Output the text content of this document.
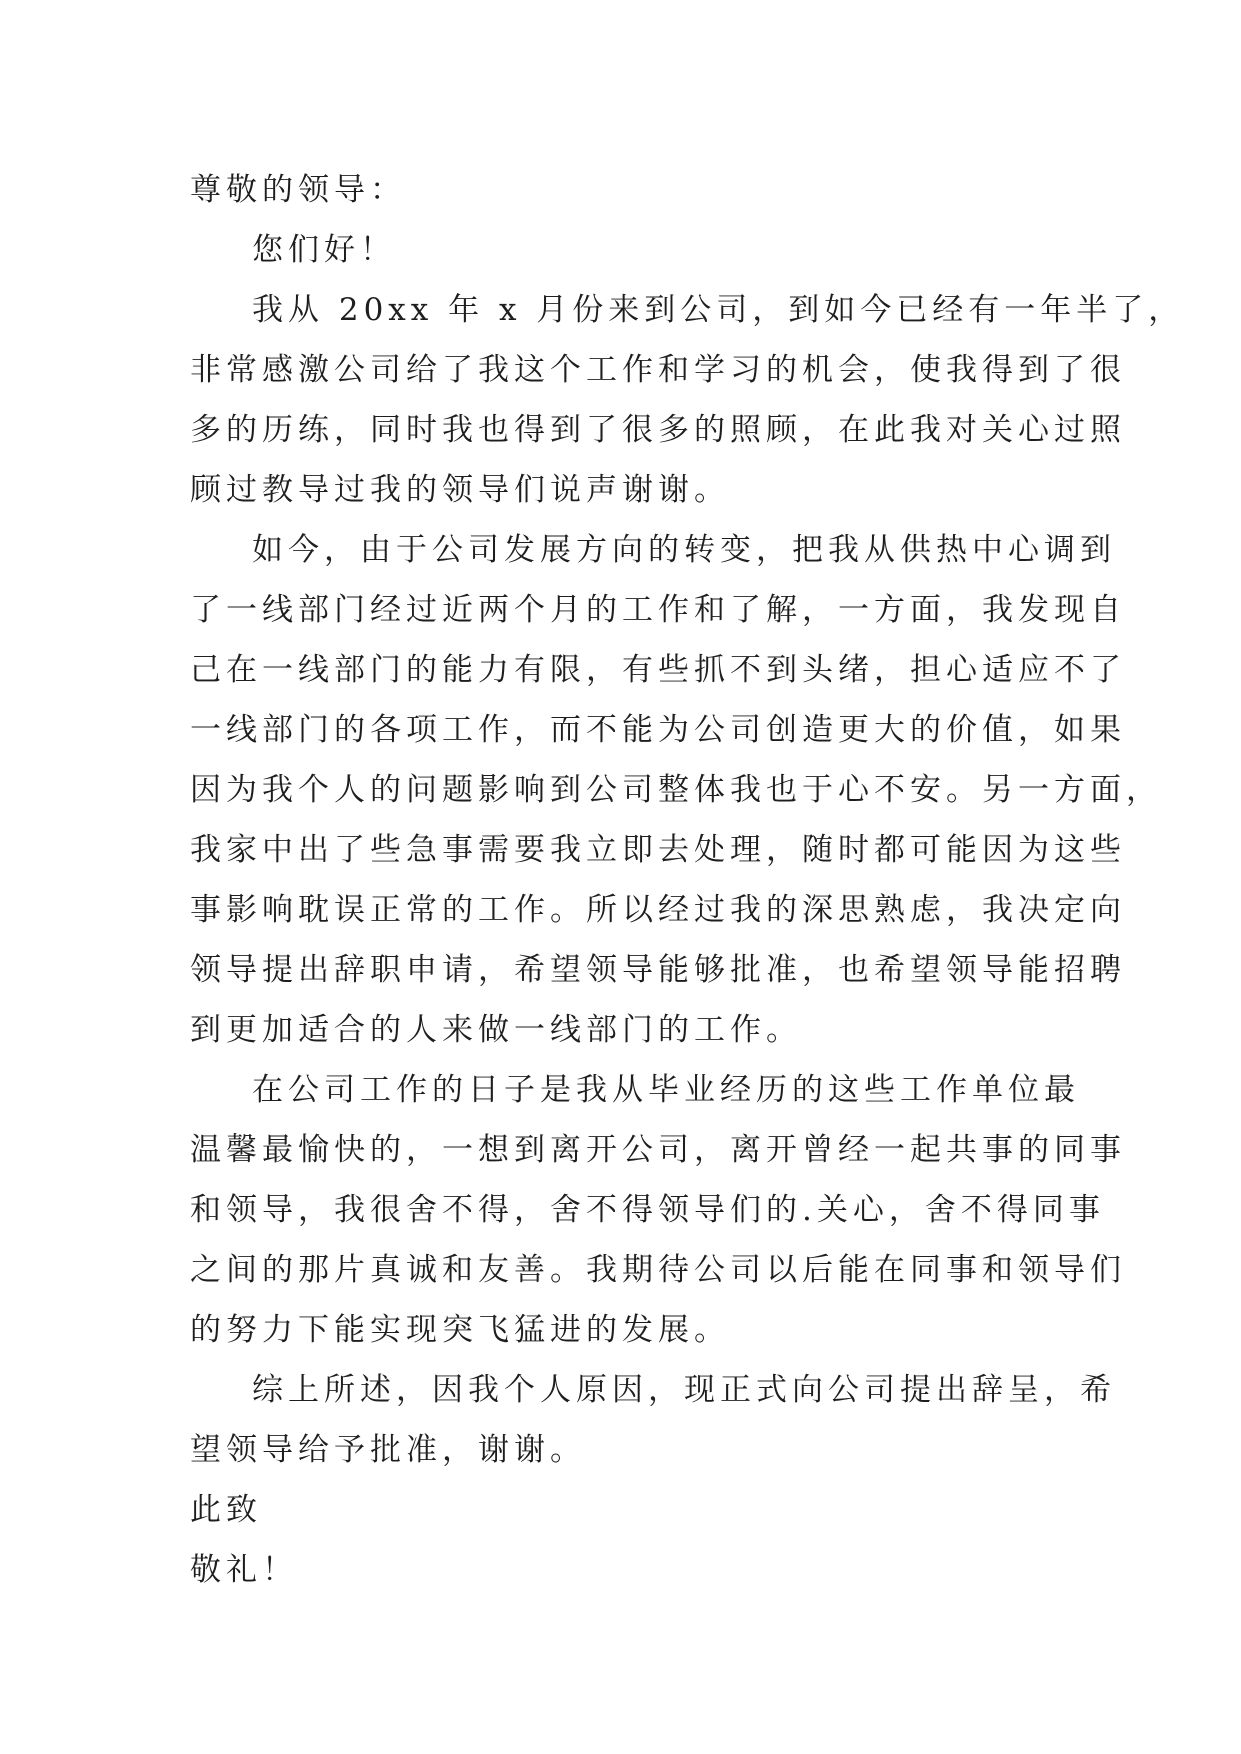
尊敬的领导：
您们好！
我从 20xx 年 x 月份来到公司，到如今已经有一年半了，
非常感激公司给了我这个工作和学习的机会，使我得到了很
多的历练，同时我也得到了很多的照顾，在此我对关心过照
顾过教导过我的领导们说声谢谢。
如今，由于公司发展方向的转变，把我从供热中心调到
了一线部门经过近两个月的工作和了解，一方面，我发现自
己在一线部门的能力有限，有些抓不到头绪，担心适应不了
一线部门的各项工作，而不能为公司创造更大的价值，如果
因为我个人的问题影响到公司整体我也于心不安。另一方面，
我家中出了些急事需要我立即去处理，随时都可能因为这些
事影响耽误正常的工作。所以经过我的深思熟虑，我决定向
领导提出辞职申请，希望领导能够批准，也希望领导能招聘
到更加适合的人来做一线部门的工作。
在公司工作的日子是我从毕业经历的这些工作单位最
温馨最愉快的，一想到离开公司，离开曾经一起共事的同事
和领导，我很舍不得，舍不得领导们的.关心，舍不得同事
之间的那片真诚和友善。我期待公司以后能在同事和领导们
的努力下能实现突飞猛进的发展。
综上所述，因我个人原因，现正式向公司提出辞呈，希
望领导给予批准，谢谢。
此致
敬礼！
